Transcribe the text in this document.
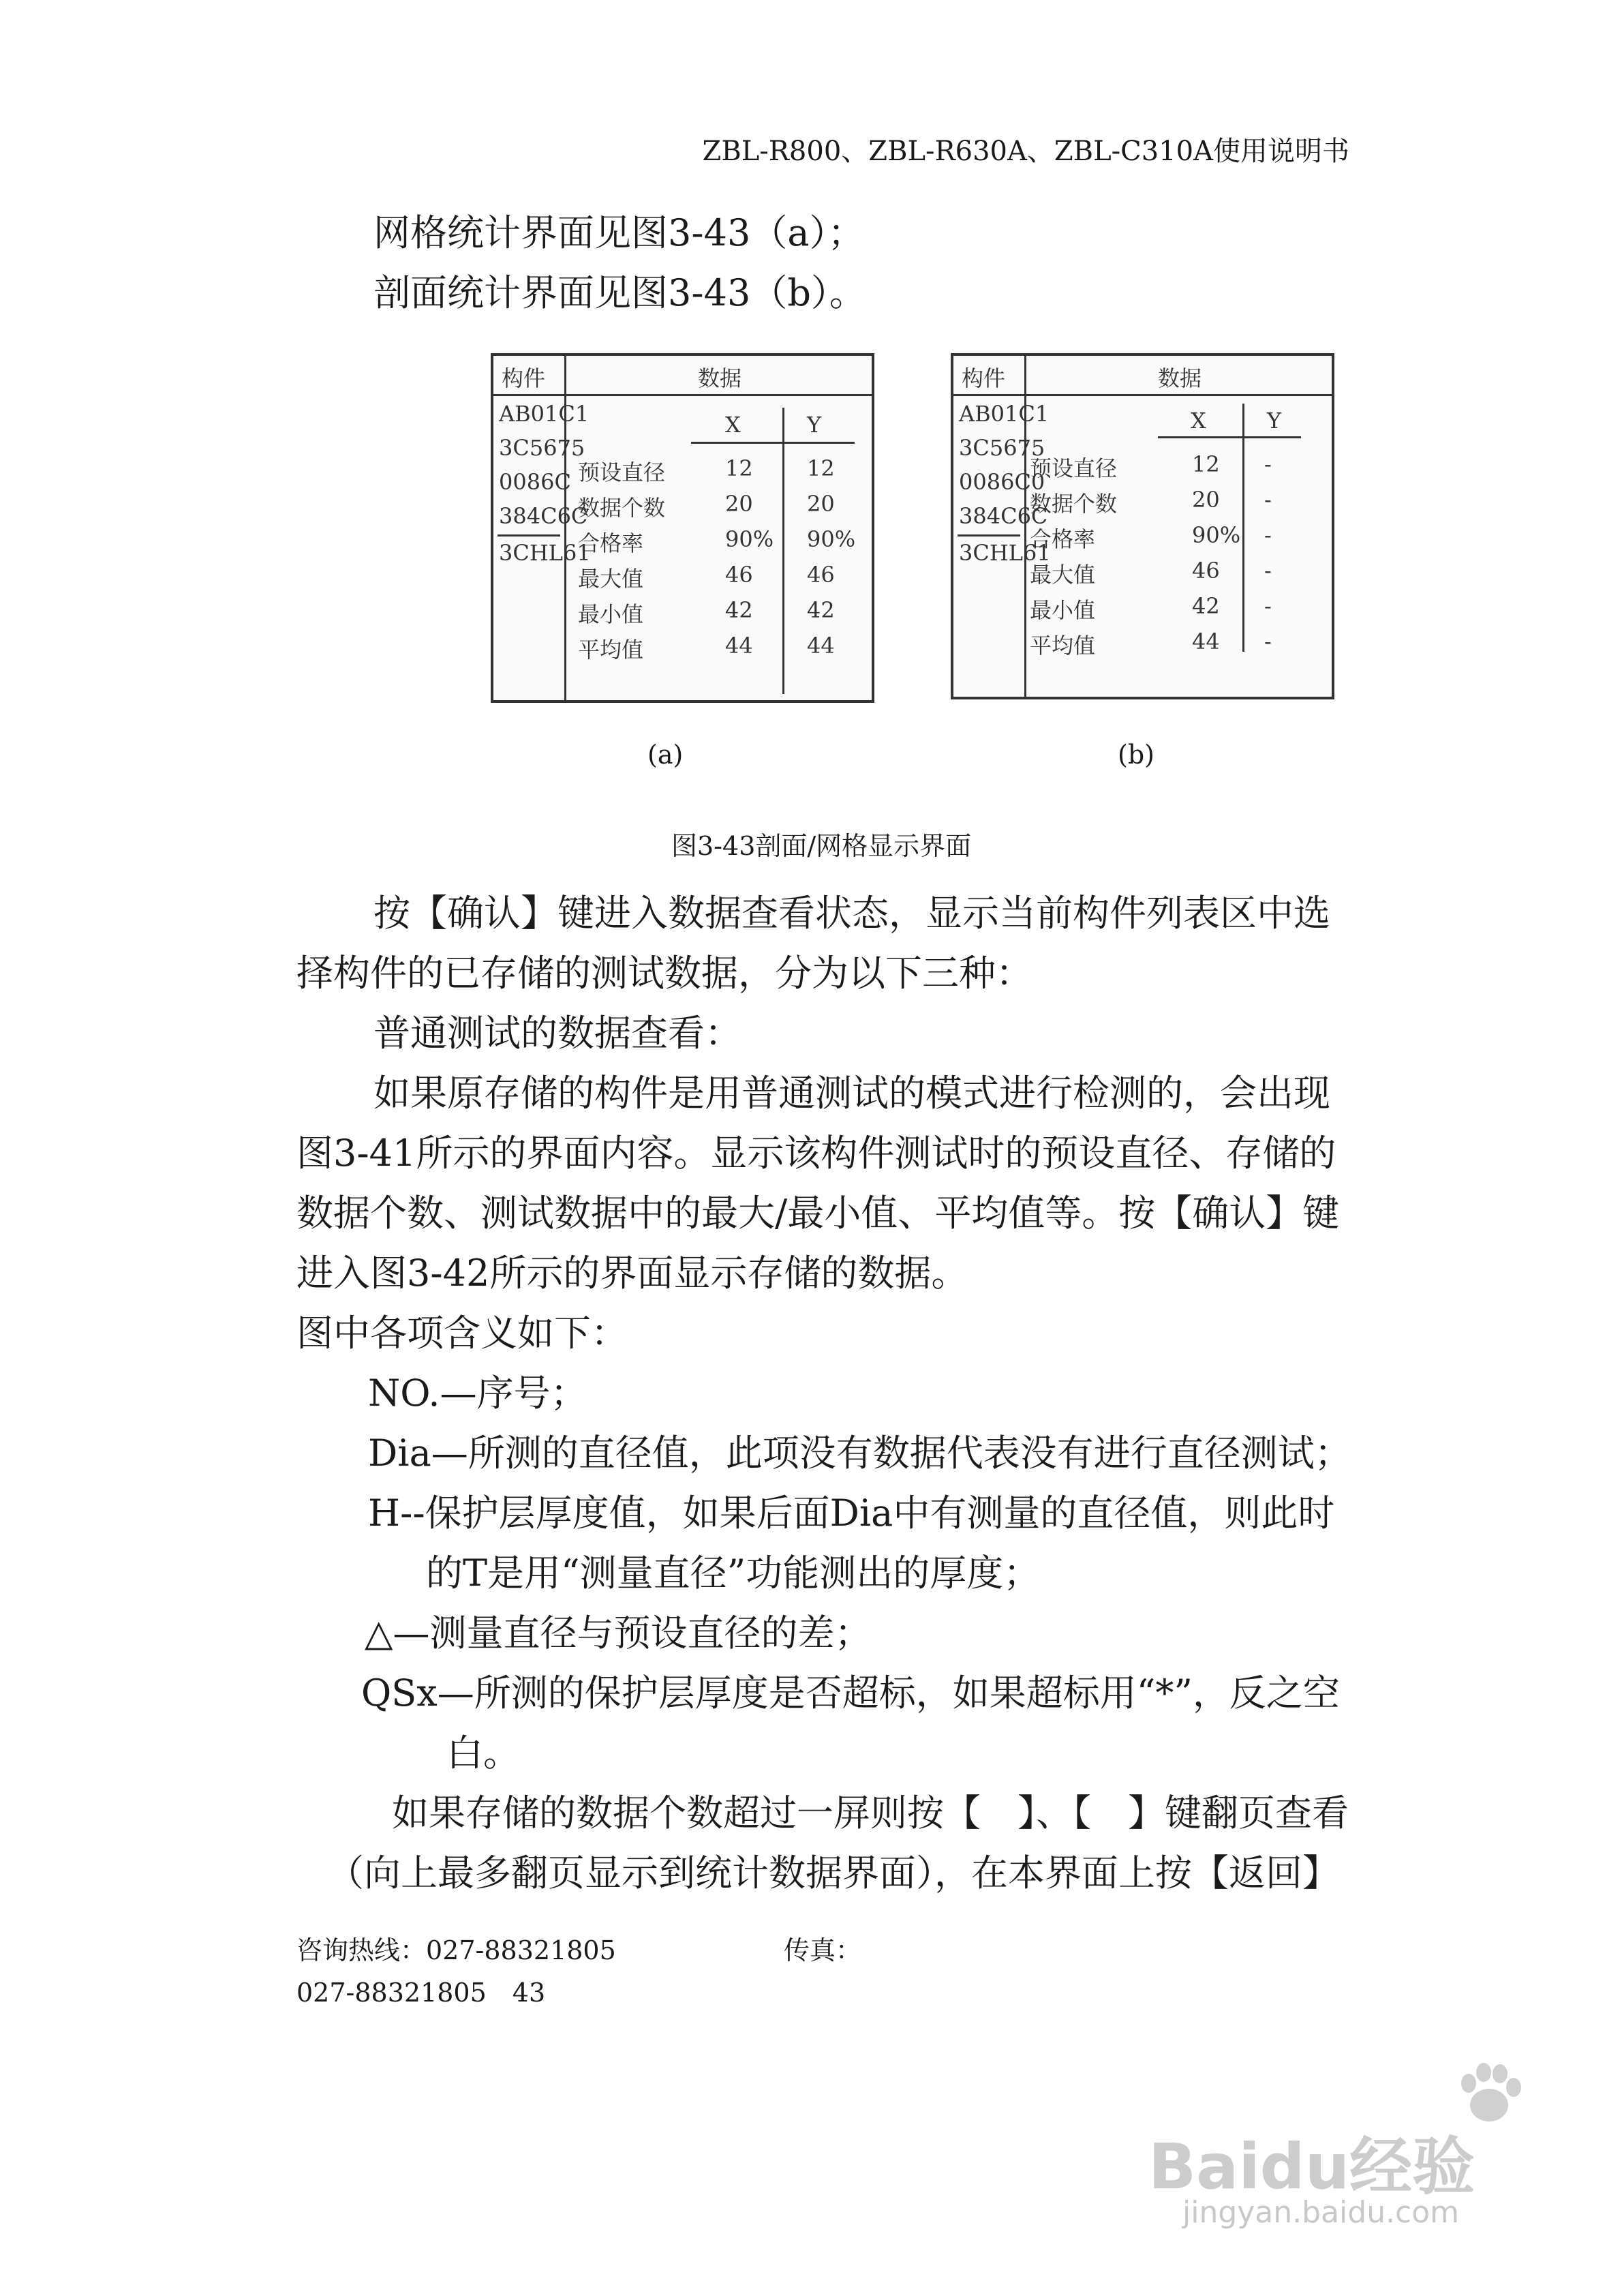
ZBL-R800、ZBL-R630A、ZBL-C310A使用说明书
网格统计界面见图3-43（a）；
剖面统计界面见图3-43（b）。
构件	数据
AB01C1
3C5675
0086C
384C6C
3CHL61
X	Y
预设直径	12 12
数据个数	20 20
合格率	90% 90%
最大值	46 46
最小值	42 42
平均值	44 44
构件	数据
AB01C1
3C5675
0086C0
384C6C
3CHL61
X	Y
预设直径	12 -
数据个数	20 -
合格率	90% -
最大值	46 -
最小值	42 -
平均值	44 -
(a)	(b)
图3-43剖面/网格显示界面
按【确认】键进入数据查看状态，显示当前构件列表区中选
择构件的已存储的测试数据，分为以下三种：
普通测试的数据查看：
如果原存储的构件是用普通测试的模式进行检测的，会出现
图3-41所示的界面内容。显示该构件测试时的预设直径、存储的
数据个数、测试数据中的最大/最小值、平均值等。按【确认】键
进入图3-42所示的界面显示存储的数据。
图中各项含义如下：
NO.—序号；
Dia—所测的直径值，此项没有数据代表没有进行直径测试；
H--保护层厚度值，如果后面Dia中有测量的直径值，则此时
的T是用“测量直径”功能测出的厚度；
△—测量直径与预设直径的差；
QSx—所测的保护层厚度是否超标，如果超标用“*”，反之空
白。
如果存储的数据个数超过一屏则按【　】、【　】键翻页查看
（向上最多翻页显示到统计数据界面），在本界面上按【返回】
咨询热线：027-88321805	传真：
027-88321805　43
Baidu经验
jingyan.baidu.com
